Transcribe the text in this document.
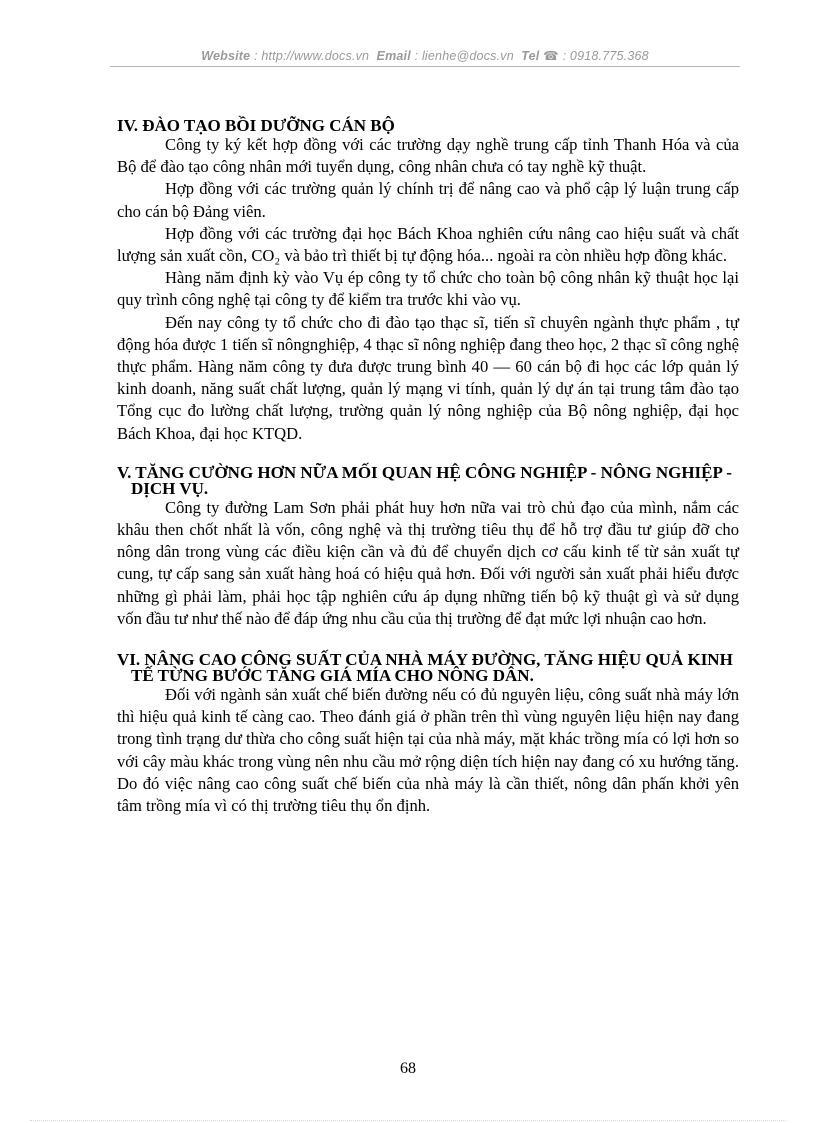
Website : http://www.docs.vn Email : lienhe@docs.vn Tel ☎ : 0918.775.368
IV. ĐÀO TẠO BỒI DƯỠNG CÁN BỘ

Công ty ký kết hợp đồng với các trường dạy nghề trung cấp tỉnh Thanh Hóa và của Bộ để đào tạo công nhân mới tuyển dụng, công nhân chưa có tay nghề kỹ thuật.

Hợp đồng với các trường quản lý chính trị để nâng cao và phổ cập lý luận trung cấp cho cán bộ Đảng viên.

Hợp đồng với các trường đại học Bách Khoa nghiên cứu nâng cao hiệu suất và chất lượng sản xuất cồn, CO₂ và bảo trì thiết bị tự động hóa... ngoài ra còn nhiều hợp đồng khác.

Hàng năm định kỳ vào Vụ ép công ty tổ chức cho toàn bộ công nhân kỹ thuật học lại quy trình công nghệ tại công ty để kiểm tra trước khi vào vụ.

Đến nay công ty tổ chức cho đi đào tạo thạc sĩ, tiến sĩ chuyên ngành thực phẩm , tự động hóa được 1 tiến sĩ nôngnghiệp, 4 thạc sĩ nông nghiệp đang theo học, 2 thạc sĩ công nghệ thực phẩm. Hàng năm công ty đưa được trung bình 40 — 60 cán bộ đi học các lớp quản lý kinh doanh, năng suất chất lượng, quản lý mạng vi tính, quản lý dự án tại trung tâm đào tạo Tổng cục đo lường chất lượng, trường quản lý nông nghiệp của Bộ nông nghiệp, đại học Bách Khoa, đại học KTQD.

V. TĂNG CƯỜNG HƠN NỮA MỐI QUAN HỆ CÔNG NGHIỆP - NÔNG NGHIỆP - DỊCH VỤ.

Công ty đường Lam Sơn phải phát huy hơn nữa vai trò chủ đạo của mình, nắm các khâu then chốt nhất là vốn, công nghệ và thị trường tiêu thụ để hỗ trợ đầu tư giúp đỡ cho nông dân trong vùng các điều kiện cần và đủ để chuyển dịch cơ cấu kinh tế từ sản xuất tự cung, tự cấp sang sản xuất hàng hoá có hiệu quả hơn. Đối với người sản xuất phải hiểu được những gì phải làm, phải học tập nghiên cứu áp dụng những tiến bộ kỹ thuật gì và sử dụng vốn đầu tư như thế nào để đáp ứng nhu cầu của thị trường để đạt mức lợi nhuận cao hơn.

VI. NÂNG CAO CÔNG SUẤT CỦA NHÀ MÁY ĐƯỜNG, TĂNG HIỆU QUẢ KINH TẾ TỪNG BƯỚC TĂNG GIÁ MÍA CHO NÔNG DÂN.

Đối với ngành sản xuất chế biến đường nếu có đủ nguyên liệu, công suất nhà máy lớn thì hiệu quả kinh tế càng cao. Theo đánh giá ở phần trên thì vùng nguyên liệu hiện nay đang trong tình trạng dư thừa cho công suất hiện tại của nhà máy, mặt khác trồng mía có lợi hơn so với cây màu khác trong vùng nên nhu cầu mở rộng diện tích hiện nay đang có xu hướng tăng. Do đó việc nâng cao công suất chế biến của nhà máy là cần thiết, nông dân phấn khởi yên tâm trồng mía vì có thị trường tiêu thụ ổn định.

68
